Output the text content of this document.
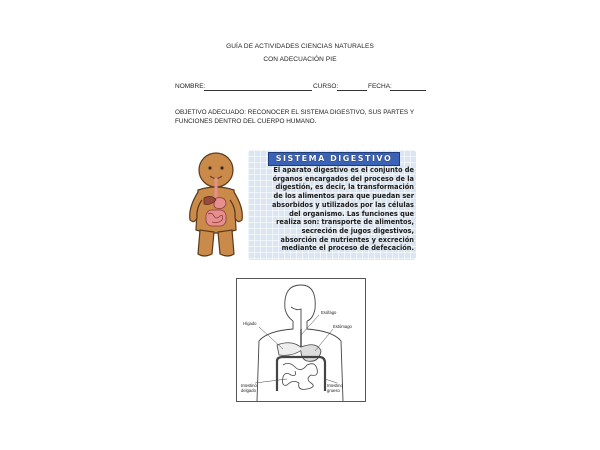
GUÍA DE ACTIVIDADES CIENCIAS NATURALES
CON ADECUACIÓN PIE
NOMBRE:	CURSO:	FECHA:
OBJETIVO ADECUADO: RECONOCER EL SISTEMA DIGESTIVO, SUS PARTES Y FUNCIONES DENTRO DEL CUERPO HUMANO.
SISTEMA DIGESTIVO
El aparato digestivo es el conjunto de
órganos encargados del proceso de la
digestión, es decir, la transformación
de los alimentos para que puedan ser
absorbidos y utilizados por las células
del organismo. Las funciones que
realiza son: transporte de alimentos,
secreción de jugos digestivos,
absorción de nutrientes y excreción
mediante el proceso de defecación.
Esófago
Hígado
Estómago
Intestino
delgado
Intestino
grueso
